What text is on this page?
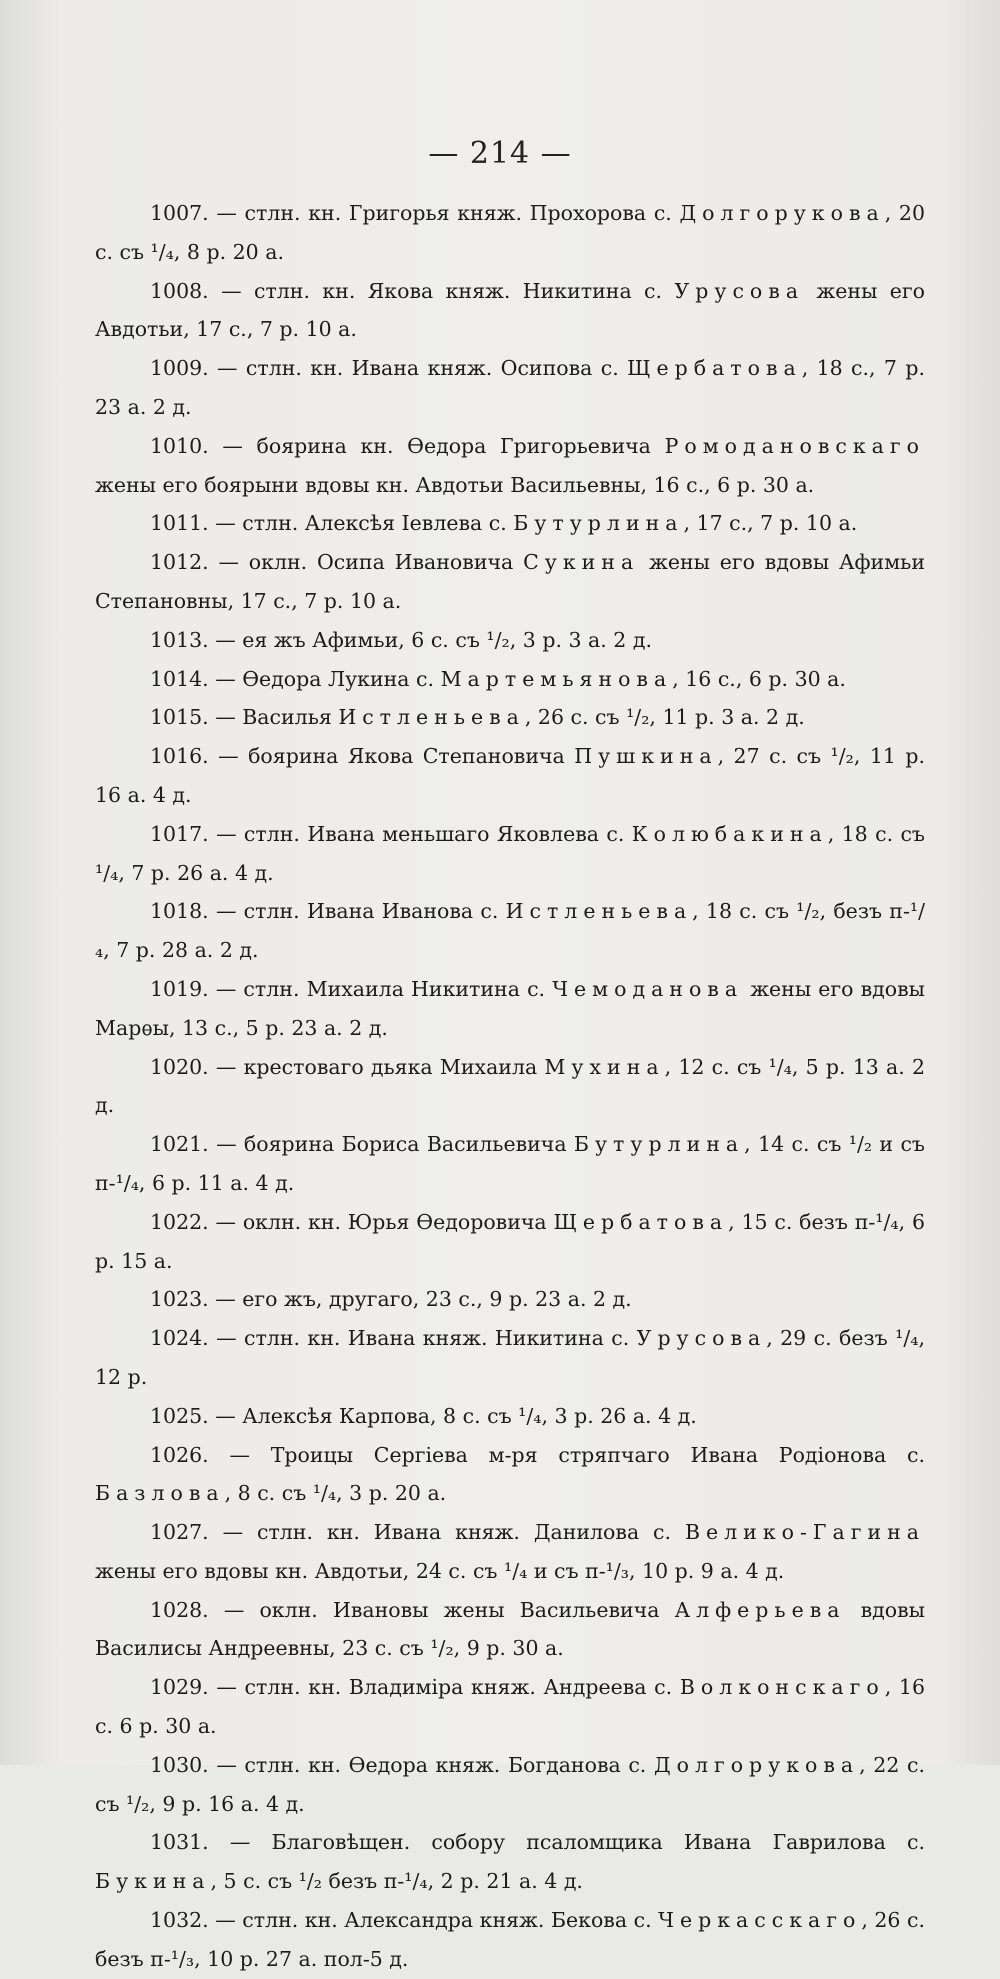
— 214 —

1007. — стлн. кн. Григорья княж. Прохорова с. Долгорукова, 20 с. съ ¹/₄, 8 р. 20 а.

1008. — стлн. кн. Якова княж. Никитина с. Урусова жены его Авдотьи, 17 с., 7 р. 10 а.

1009. — стлн. кн. Ивана княж. Осипова с. Щербатова, 18 с., 7 р. 23 а. 2 д.

1010. — боярина кн. Ѳедора Григорьевича Ромодановскаго жены его боярыни вдовы кн. Авдотьи Васильевны, 16 с., 6 р. 30 а.

1011. — стлн. Алексѣя Іевлева с. Бутурлина, 17 с., 7 р. 10 а.

1012. — оклн. Осипа Ивановича Сукина жены его вдовы Афимьи Степановны, 17 с., 7 р. 10 а.

1013. — ея жъ Афимьи, 6 с. съ ¹/₂, 3 р. 3 а. 2 д.

1014. — Ѳедора Лукина с. Мартемьянова, 16 с., 6 р. 30 а.

1015. — Василья Истленьева, 26 с. съ ¹/₂, 11 р. 3 а. 2 д.

1016. — боярина Якова Степановича Пушкина, 27 с. съ ¹/₂, 11 р. 16 а. 4 д.

1017. — стлн. Ивана меньшаго Яковлева с. Колюбакина, 18 с. съ ¹/₄, 7 р. 26 а. 4 д.

1018. — стлн. Ивана Иванова с. Истленьева, 18 с. съ ¹/₂, безъ п-¹/₄, 7 р. 28 а. 2 д.

1019. — стлн. Михаила Никитина с. Чемоданова жены его вдовы Марѳы, 13 с., 5 р. 23 а. 2 д.

1020. — крестоваго дьяка Михаила Мухина, 12 с. съ ¹/₄, 5 р. 13 а. 2 д.

1021. — боярина Бориса Васильевича Бутурлина, 14 с. съ ¹/₂ и съ п-¹/₄, 6 р. 11 а. 4 д.

1022. — оклн. кн. Юрья Ѳедоровича Щербатова, 15 с. безъ п-¹/₄, 6 р. 15 а.

1023. — его жъ, другаго, 23 с., 9 р. 23 а. 2 д.

1024. — стлн. кн. Ивана княж. Никитина с. Урусова, 29 с. безъ ¹/₄, 12 р.

1025. — Алексѣя Карпова, 8 с. съ ¹/₄, 3 р. 26 а. 4 д.

1026. — Троицы Сергіева м-ря стряпчаго Ивана Родіонова с. Базлова, 8 с. съ ¹/₄, 3 р. 20 а.

1027. — стлн. кн. Ивана княж. Данилова с. Велико-Гагина жены его вдовы кн. Авдотьи, 24 с. съ ¹/₄ и съ п-¹/₃, 10 р. 9 а. 4 д.

1028. — оклн. Ивановы жены Васильевича Алферьева вдовы Василисы Андреевны, 23 с. съ ¹/₂, 9 р. 30 а.

1029. — стлн. кн. Владиміра княж. Андреева с. Волконскаго, 16 с. 6 р. 30 а.

1030. — стлн. кн. Ѳедора княж. Богданова с. Долгорукова, 22 с. съ ¹/₂, 9 р. 16 а. 4 д.

1031. — Благовѣщен. собору псаломщика Ивана Гаврилова с. Букина, 5 с. съ ¹/₂ безъ п-¹/₄, 2 р. 21 а. 4 д.

1032. — стлн. кн. Александра княж. Бекова с. Черкасскаго, 26 с. безъ п-¹/₃, 10 р. 27 а. пол-5 д.
